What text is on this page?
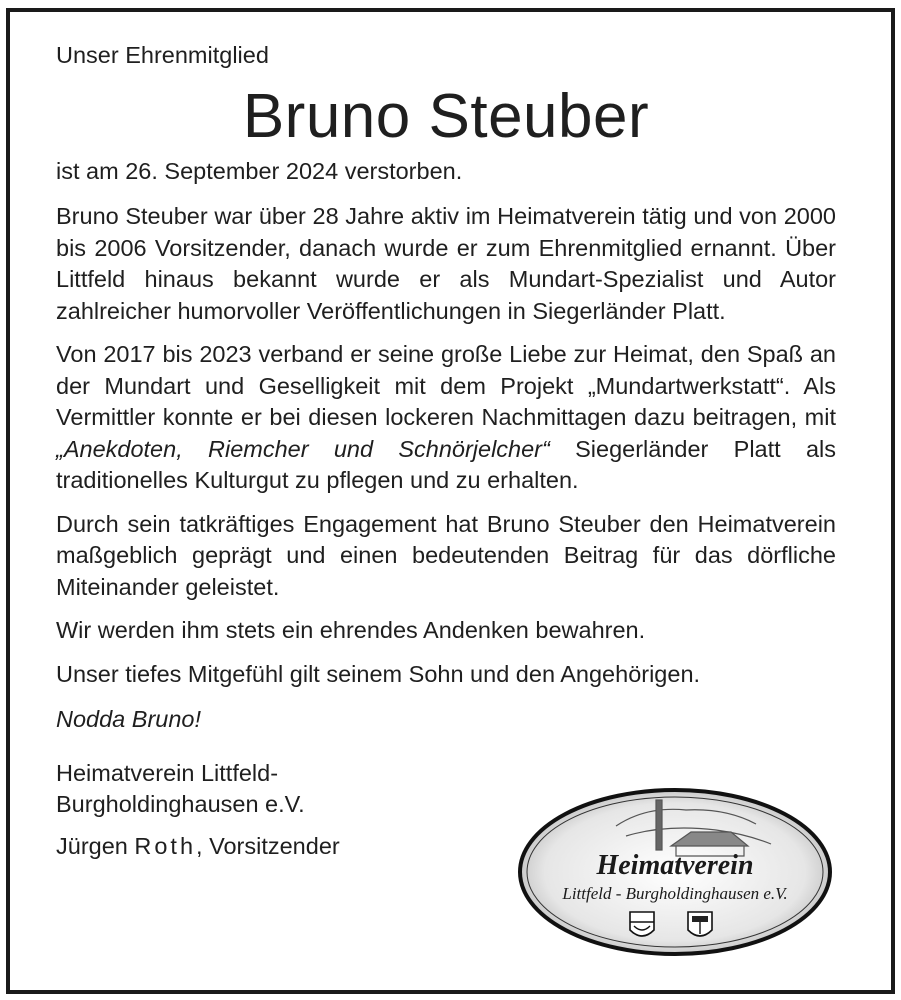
Unser Ehrenmitglied

Bruno Steuber

ist am 26. September 2024 verstorben.

Bruno Steuber war über 28 Jahre aktiv im Heimatverein tätig und von 2000 bis 2006 Vorsitzender, danach wurde er zum Ehrenmitglied ernannt. Über Littfeld hinaus bekannt wurde er als Mundart-Spezialist und Autor zahlreicher humorvoller Veröffentlichungen in Siegerländer Platt.

Von 2017 bis 2023 verband er seine große Liebe zur Heimat, den Spaß an der Mundart und Geselligkeit mit dem Projekt „Mundartwerkstatt“. Als Vermittler konnte er bei diesen lockeren Nachmittagen dazu beitragen, mit „Anekdoten, Riemcher und Schnörjelcher“ Siegerländer Platt als traditionelles Kulturgut zu pflegen und zu erhalten.

Durch sein tatkräftiges Engagement hat Bruno Steuber den Heimatverein maßgeblich geprägt und einen bedeutenden Beitrag für das dörfliche Miteinander geleistet.

Wir werden ihm stets ein ehrendes Andenken bewahren.

Unser tiefes Mitgefühl gilt seinem Sohn und den Angehörigen.

Nodda Bruno!

Heimatverein Littfeld-

Burgholdinghausen e.V.

Jürgen Roth, Vorsitzender

Heimatverein
Littfeld - Burgholdinghausen e.V.
